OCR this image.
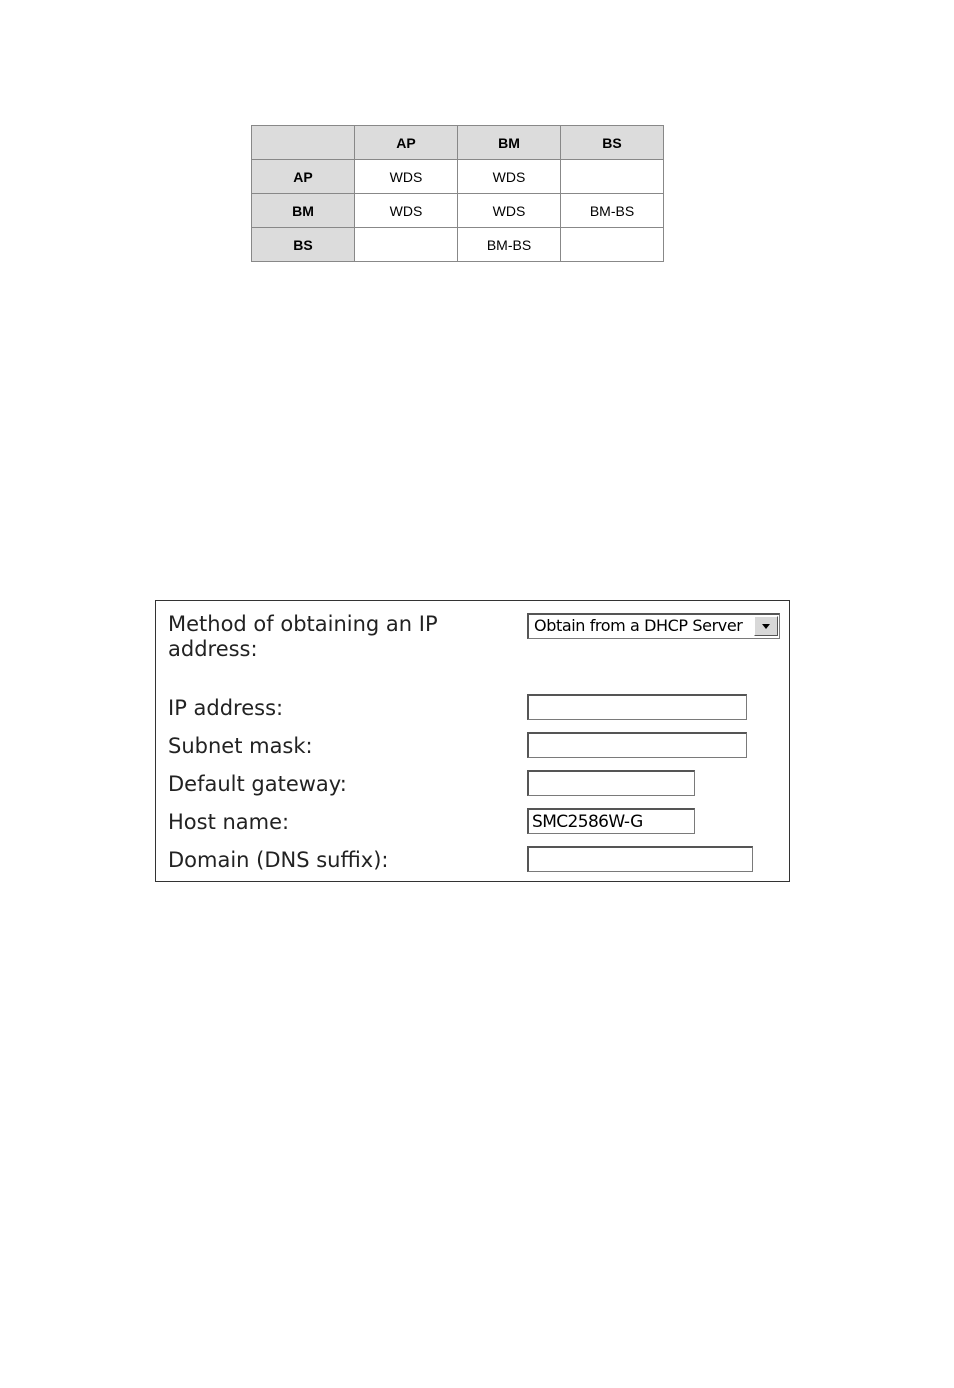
	AP	BM	BS
AP	WDS	WDS	
BM	WDS	WDS	BM-BS
BS		BM-BS	
Method of obtaining an IP address:
Obtain from a DHCP Server
IP address:
Subnet mask:
Default gateway:
Host name:
SMC2586W-G
Domain (DNS suffix):
